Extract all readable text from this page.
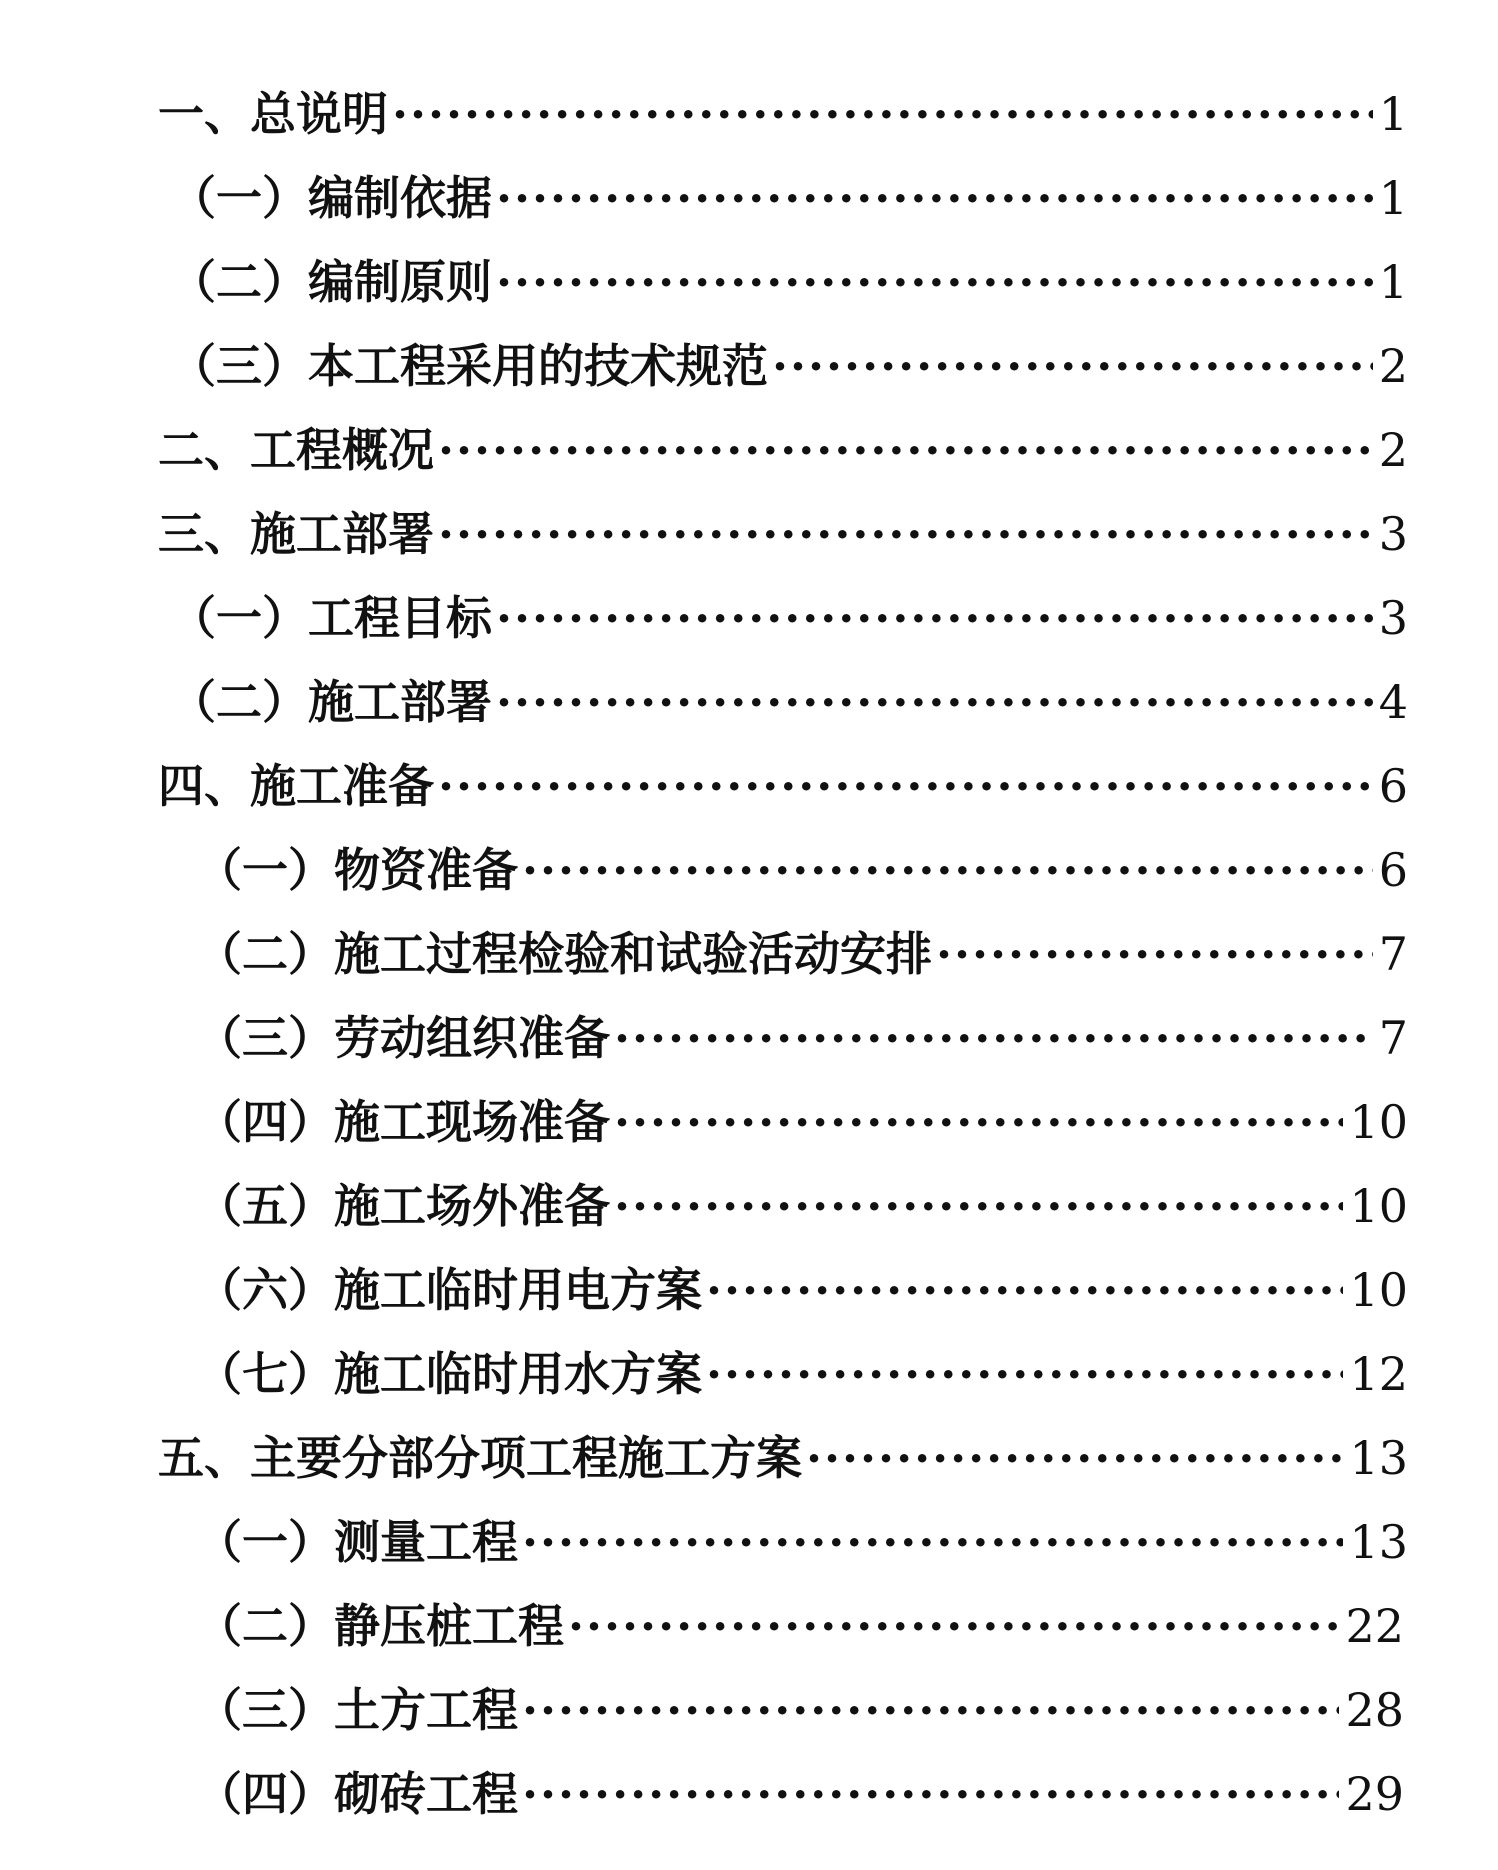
一、总说明 ·····	1
（一）编制依据 ·····	1
（二）编制原则 ·····	1
（三）本工程采用的技术规范 ·····	2
二、工程概况 ·····	2
三、施工部署 ·····	3
（一）工程目标 ·····	3
（二）施工部署 ·····	4
四、施工准备 ·····	6
（一）物资准备 ·····	6
（二）施工过程检验和试验活动安排 ·····	7
（三）劳动组织准备 ·····	7
（四）施工现场准备 ·····	10
（五）施工场外准备 ·····	10
（六）施工临时用电方案 ·····	10
（七）施工临时用水方案 ·····	12
五、主要分部分项工程施工方案 ·····	13
（一）测量工程 ·····	13
（二）静压桩工程 ·····	22
（三）土方工程 ·····	28
（四）砌砖工程 ·····	29
